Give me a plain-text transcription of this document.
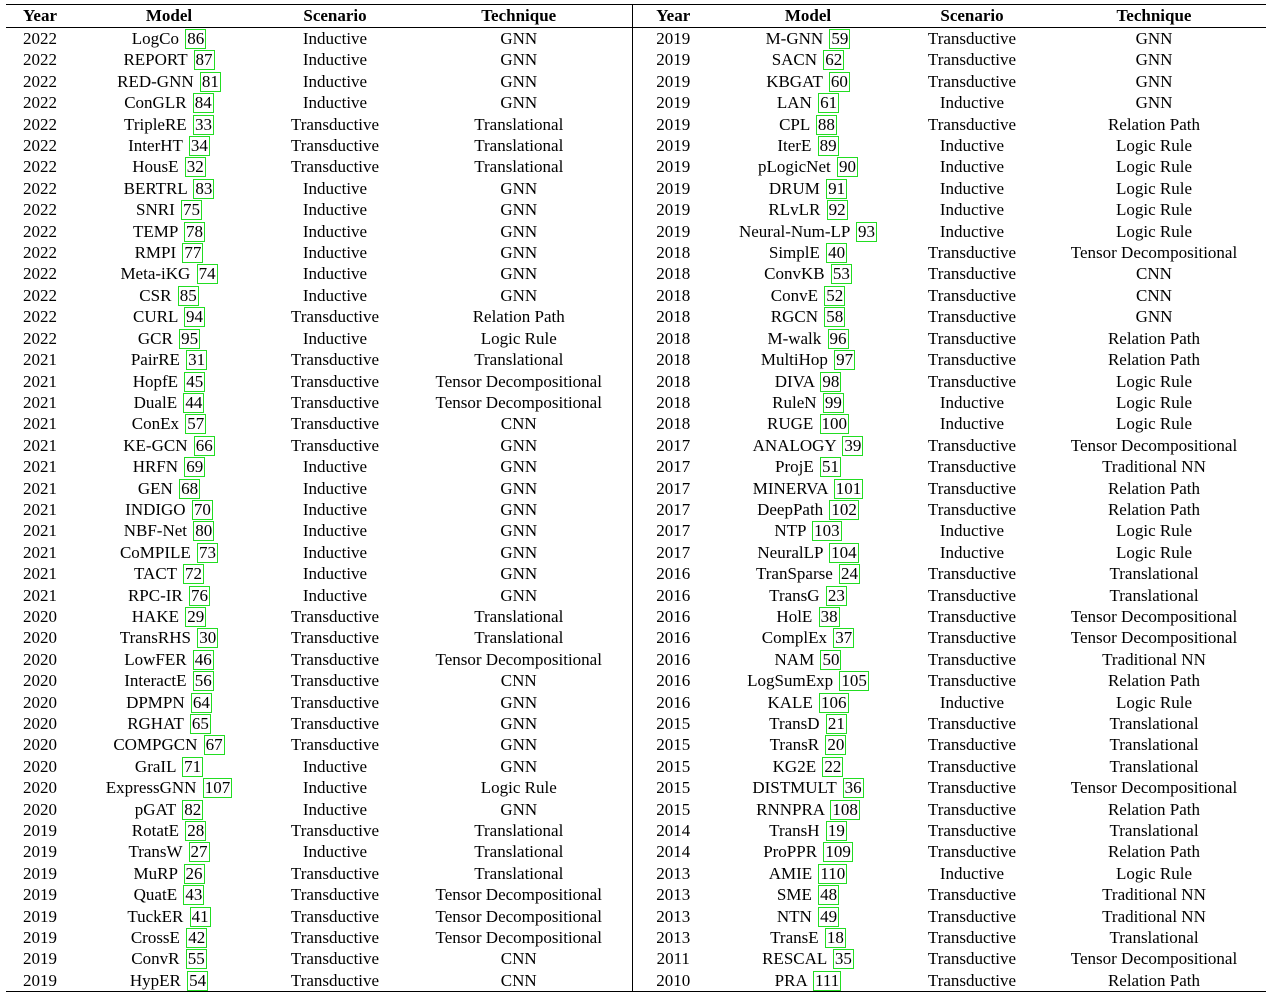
Year	Model	Scenario	Technique	Year	Model	Scenario	Technique
2022	LogCo 86	Inductive	GNN	2019	M-GNN 59	Transductive	GNN
2022	REPORT 87	Inductive	GNN	2019	SACN 62	Transductive	GNN
2022	RED-GNN 81	Inductive	GNN	2019	KBGAT 60	Transductive	GNN
2022	ConGLR 84	Inductive	GNN	2019	LAN 61	Inductive	GNN
2022	TripleRE 33	Transductive	Translational	2019	CPL 88	Transductive	Relation Path
2022	InterHT 34	Transductive	Translational	2019	IterE 89	Inductive	Logic Rule
2022	HousE 32	Transductive	Translational	2019	pLogicNet 90	Inductive	Logic Rule
2022	BERTRL 83	Inductive	GNN	2019	DRUM 91	Inductive	Logic Rule
2022	SNRI 75	Inductive	GNN	2019	RLvLR 92	Inductive	Logic Rule
2022	TEMP 78	Inductive	GNN	2019	Neural-Num-LP 93	Inductive	Logic Rule
2022	RMPI 77	Inductive	GNN	2018	SimplE 40	Transductive	Tensor Decompositional
2022	Meta-iKG 74	Inductive	GNN	2018	ConvKB 53	Transductive	CNN
2022	CSR 85	Inductive	GNN	2018	ConvE 52	Transductive	CNN
2022	CURL 94	Transductive	Relation Path	2018	RGCN 58	Transductive	GNN
2022	GCR 95	Inductive	Logic Rule	2018	M-walk 96	Transductive	Relation Path
2021	PairRE 31	Transductive	Translational	2018	MultiHop 97	Transductive	Relation Path
2021	HopfE 45	Transductive	Tensor Decompositional	2018	DIVA 98	Transductive	Logic Rule
2021	DualE 44	Transductive	Tensor Decompositional	2018	RuleN 99	Inductive	Logic Rule
2021	ConEx 57	Transductive	CNN	2018	RUGE 100	Inductive	Logic Rule
2021	KE-GCN 66	Transductive	GNN	2017	ANALOGY 39	Transductive	Tensor Decompositional
2021	HRFN 69	Inductive	GNN	2017	ProjE 51	Transductive	Traditional NN
2021	GEN 68	Inductive	GNN	2017	MINERVA 101	Transductive	Relation Path
2021	INDIGO 70	Inductive	GNN	2017	DeepPath 102	Transductive	Relation Path
2021	NBF-Net 80	Inductive	GNN	2017	NTP 103	Inductive	Logic Rule
2021	CoMPILE 73	Inductive	GNN	2017	NeuralLP 104	Inductive	Logic Rule
2021	TACT 72	Inductive	GNN	2016	TranSparse 24	Transductive	Translational
2021	RPC-IR 76	Inductive	GNN	2016	TransG 23	Transductive	Translational
2020	HAKE 29	Transductive	Translational	2016	HolE 38	Transductive	Tensor Decompositional
2020	TransRHS 30	Transductive	Translational	2016	ComplEx 37	Transductive	Tensor Decompositional
2020	LowFER 46	Transductive	Tensor Decompositional	2016	NAM 50	Transductive	Traditional NN
2020	InteractE 56	Transductive	CNN	2016	LogSumExp 105	Transductive	Relation Path
2020	DPMPN 64	Transductive	GNN	2016	KALE 106	Inductive	Logic Rule
2020	RGHAT 65	Transductive	GNN	2015	TransD 21	Transductive	Translational
2020	COMPGCN 67	Transductive	GNN	2015	TransR 20	Transductive	Translational
2020	GraIL 71	Inductive	GNN	2015	KG2E 22	Transductive	Translational
2020	ExpressGNN 107	Inductive	Logic Rule	2015	DISTMULT 36	Transductive	Tensor Decompositional
2020	pGAT 82	Inductive	GNN	2015	RNNPRA 108	Transductive	Relation Path
2019	RotatE 28	Transductive	Translational	2014	TransH 19	Transductive	Translational
2019	TransW 27	Inductive	Translational	2014	ProPPR 109	Transductive	Relation Path
2019	MuRP 26	Transductive	Translational	2013	AMIE 110	Inductive	Logic Rule
2019	QuatE 43	Transductive	Tensor Decompositional	2013	SME 48	Transductive	Traditional NN
2019	TuckER 41	Transductive	Tensor Decompositional	2013	NTN 49	Transductive	Traditional NN
2019	CrossE 42	Transductive	Tensor Decompositional	2013	TransE 18	Transductive	Translational
2019	ConvR 55	Transductive	CNN	2011	RESCAL 35	Transductive	Tensor Decompositional
2019	HypER 54	Transductive	CNN	2010	PRA 111	Transductive	Relation Path
